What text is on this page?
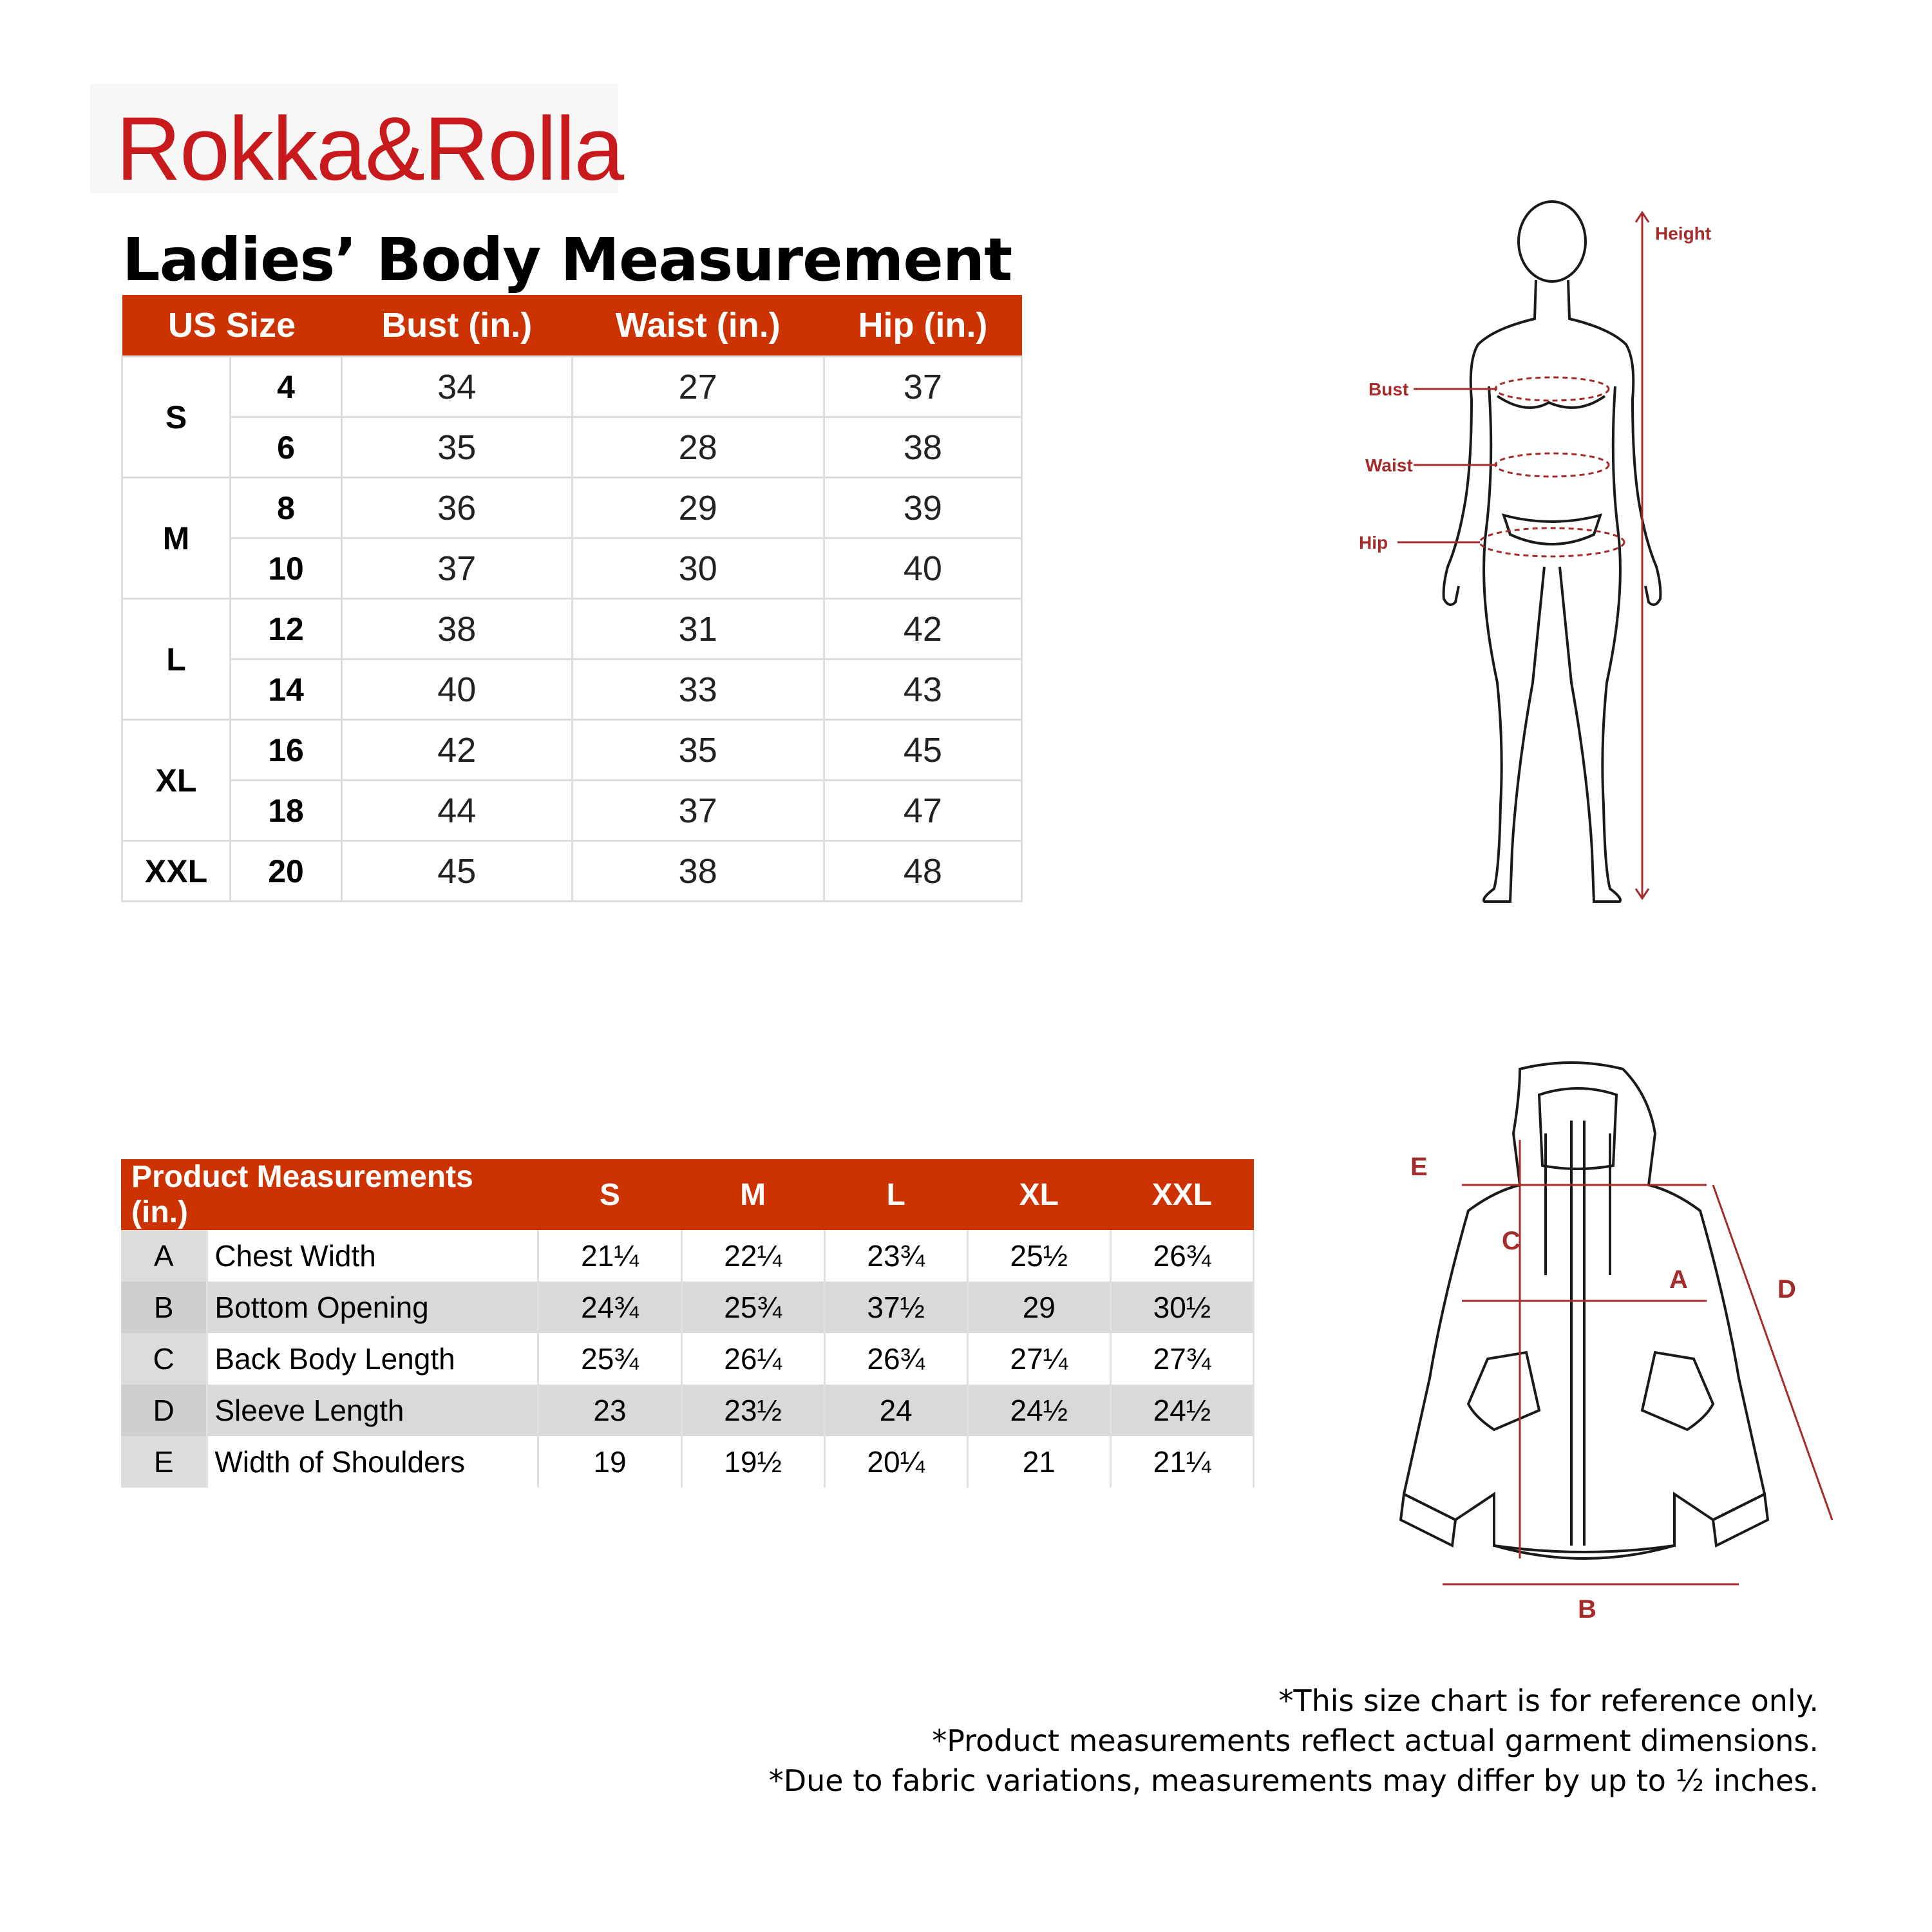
Rokka&Rolla
Ladies’ Body Measurement
US Size		Bust (in.)	Waist (in.)	Hip (in.)
S	4	34	27	37
	6	35	28	38
M	8	36	29	39
	10	37	30	40
L	12	38	31	42
	14	40	33	43
XL	16	42	35	45
	18	44	37	47
XXL	20	45	38	48
Height
Bust
Waist
Hip
Product Measurements (in.)		S	M	L	XL	XXL
A	Chest Width	21¼	22¼	23¾	25½	26¾
B	Bottom Opening	24¾	25¾	37½	29	30½
C	Back Body Length	25¾	26¼	26¾	27¼	27¾
D	Sleeve Length	23	23½	24	24½	24½
E	Width of Shoulders	19	19½	20¼	21	21¼
E
A
C
D
B
*This size chart is for reference only.
*Product measurements reflect actual garment dimensions.
*Due to fabric variations, measurements may differ by up to ½ inches.
